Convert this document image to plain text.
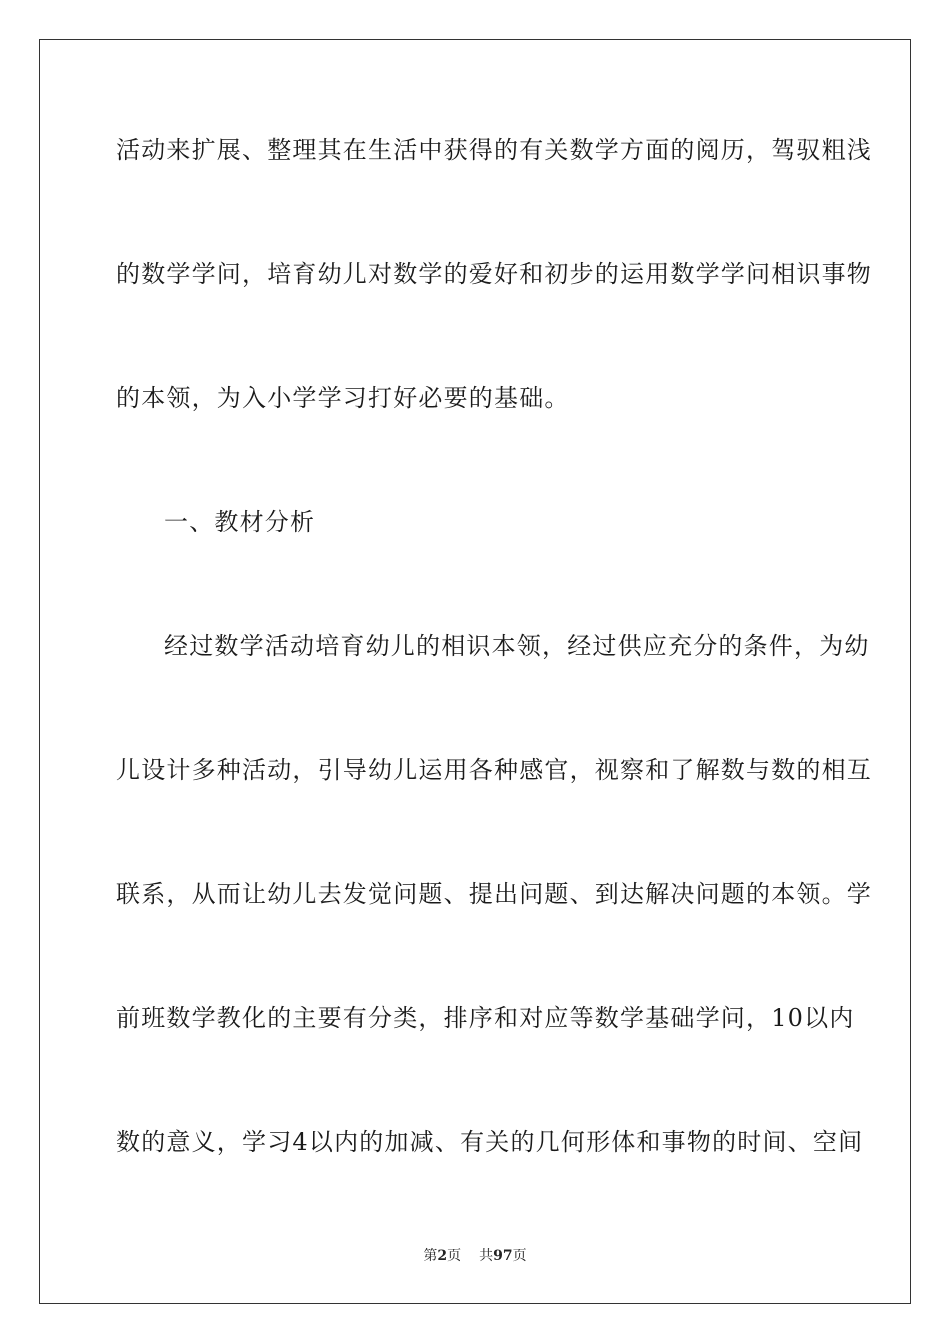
活动来扩展、整理其在生活中获得的有关数学方面的阅历，驾驭粗浅
的数学学问，培育幼儿对数学的爱好和初步的运用数学学问相识事物
的本领，为入小学学习打好必要的基础。
一、教材分析
经过数学活动培育幼儿的相识本领，经过供应充分的条件，为幼
儿设计多种活动，引导幼儿运用各种感官，视察和了解数与数的相互
联系，从而让幼儿去发觉问题、提出问题、到达解决问题的本领。学
前班数学教化的主要有分类，排序和对应等数学基础学问，10以内
数的意义，学习4以内的加减、有关的几何形体和事物的时间、空间
第2页 共97页
